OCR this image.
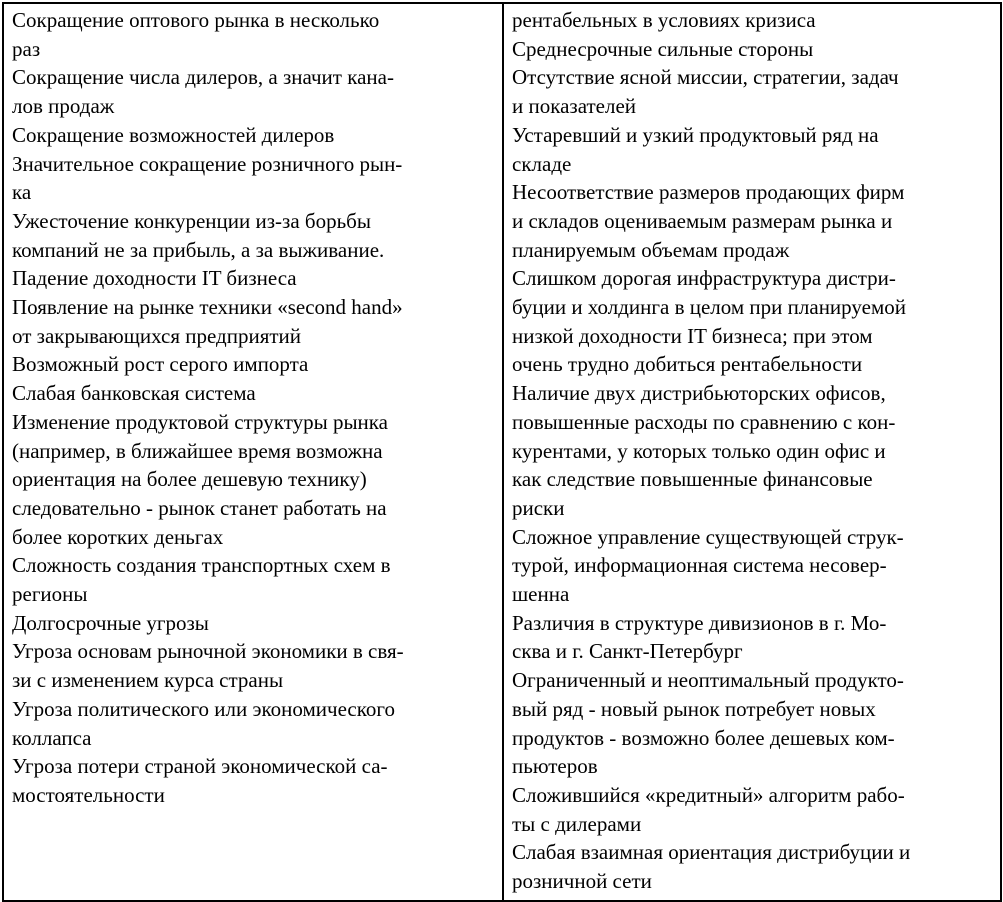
Сокращение оптового рынка в несколько
раз
Сокращение числа дилеров, а значит кана-
лов продаж
Сокращение возможностей дилеров
Значительное сокращение розничного рын-
ка
Ужесточение конкуренции из-за борьбы
компаний не за прибыль, а за выживание.
Падение доходности IT бизнеса
Появление на рынке техники «second hand»
от закрывающихся предприятий
Возможный рост серого импорта
Слабая банковская система
Изменение продуктовой структуры рынка
(например, в ближайшее время возможна
ориентация на более дешевую технику)
следовательно - рынок станет работать на
более коротких деньгах
Сложность создания транспортных схем в
регионы
Долгосрочные угрозы
Угроза основам рыночной экономики в свя-
зи с изменением курса страны
Угроза политического или экономического
коллапса
Угроза потери страной экономической са-
мостоятельности

рентабельных в условиях кризиса
Среднесрочные сильные стороны
Отсутствие ясной миссии, стратегии, задач
и показателей
Устаревший и узкий продуктовый ряд на
складе
Несоответствие размеров продающих фирм
и складов оцениваемым размерам рынка и
планируемым объемам продаж
Слишком дорогая инфраструктура дистри-
буции и холдинга в целом при планируемой
низкой доходности IT бизнеса; при этом
очень трудно добиться рентабельности
Наличие двух дистрибьюторских офисов,
повышенные расходы по сравнению с кон-
курентами, у которых только один офис и
как следствие повышенные финансовые
риски
Сложное управление существующей струк-
турой, информационная система несовер-
шенна
Различия в структуре дивизионов в г. Мо-
сква и г. Санкт-Петербург
Ограниченный и неоптимальный продукто-
вый ряд - новый рынок потребует новых
продуктов - возможно более дешевых ком-
пьютеров
Сложившийся «кредитный» алгоритм рабо-
ты с дилерами
Слабая взаимная ориентация дистрибуции и
розничной сети
